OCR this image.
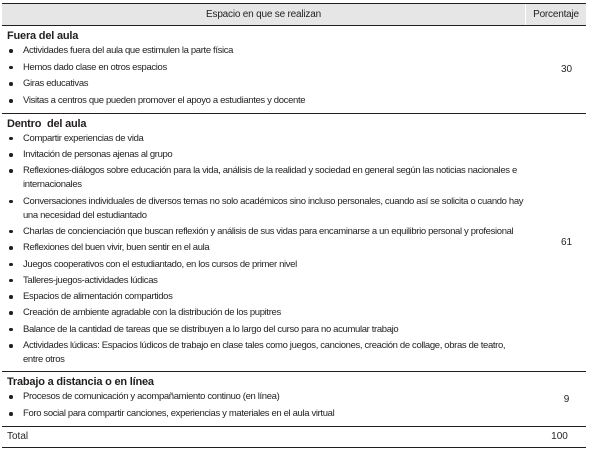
Espacio en que se realizan	Porcentaje
Fuera del aula
Actividades fuera del aula que estimulen la parte física
Hemos dado clase en otros espacios
Giras educativas
Visitas a centros que pueden promover el apoyo a estudiantes y docente
30
Dentro  del aula
Compartir experiencias de vida
Invitación de personas ajenas al grupo
Reflexiones-diálogos sobre educación para la vida, análisis de la realidad y sociedad en general según las noticias nacionales e internacionales
Conversaciones individuales de diversos temas no solo académicos sino incluso personales, cuando así se solicita o cuando hay una necesidad del estudiantado
Charlas de concienciación que buscan reflexión y análisis de sus vidas para encaminarse a un equilibrio personal y profesional
Reflexiones del buen vivir, buen sentir en el aula
Juegos cooperativos con el estudiantado, en los cursos de primer nivel
Talleres-juegos-actividades lúdicas
Espacios de alimentación compartidos
Creación de ambiente agradable con la distribución de los pupitres
Balance de la cantidad de tareas que se distribuyen a lo largo del curso para no acumular trabajo
Actividades lúdicas: Espacios lúdicos de trabajo en clase tales como juegos, canciones, creación de collage, obras de teatro, entre otros
61
Trabajo a distancia o en línea
Procesos de comunicación y acompañamiento continuo (en línea)
Foro social para compartir canciones, experiencias y materiales en el aula virtual
9
Total	100
